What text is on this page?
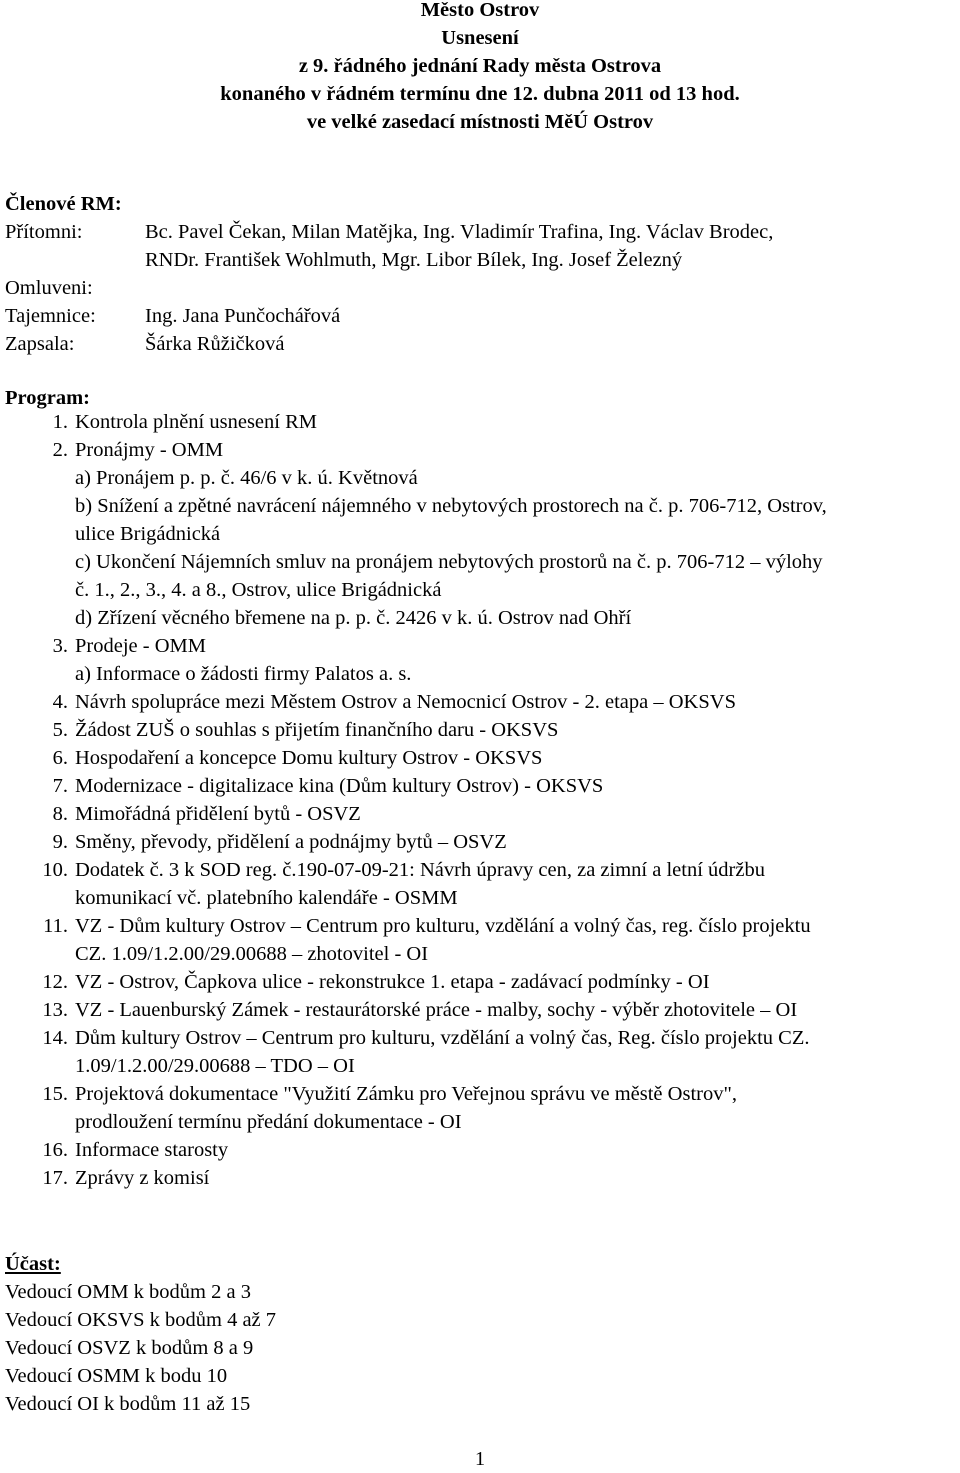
Město Ostrov
Usnesení
z 9. řádného jednání Rady města Ostrova
konaného v řádném termínu dne 12. dubna 2011 od 13 hod.
ve velké zasedací místnosti MěÚ Ostrov
Členové RM:
Přítomni:	Bc. Pavel Čekan, Milan Matějka, Ing. Vladimír Trafina, Ing. Václav Brodec,
RNDr. František Wohlmuth, Mgr. Libor Bílek, Ing. Josef Železný
Omluveni:
Tajemnice: Ing. Jana Punčochářová
Zapsala:	Šárka Růžičková
Program:
1. Kontrola plnění usnesení RM
2. Pronájmy - OMM
a) Pronájem p. p. č. 46/6 v k. ú. Květnová
b) Snížení a zpětné navrácení nájemného v nebytových prostorech na č. p. 706-712, Ostrov,
ulice Brigádnická
c) Ukončení Nájemních smluv na pronájem nebytových prostorů na č. p. 706-712 – výlohy
č. 1., 2., 3., 4. a 8., Ostrov, ulice Brigádnická
d) Zřízení věcného břemene na p. p. č. 2426 v k. ú. Ostrov nad Ohří
3. Prodeje - OMM
a) Informace o žádosti firmy Palatos a. s.
4. Návrh spolupráce mezi Městem Ostrov a Nemocnicí Ostrov - 2. etapa – OKSVS
5. Žádost ZUŠ o souhlas s přijetím finančního daru - OKSVS
6. Hospodaření a koncepce Domu kultury Ostrov - OKSVS
7. Modernizace - digitalizace kina (Dům kultury Ostrov) - OKSVS
8. Mimořádná přidělení bytů - OSVZ
9. Směny, převody, přidělení a podnájmy bytů – OSVZ
10. Dodatek č. 3 k SOD reg. č.190-07-09-21: Návrh úpravy cen, za zimní a letní údržbu
komunikací vč. platebního kalendáře - OSMM
11. VZ - Dům kultury Ostrov – Centrum pro kulturu, vzdělání a volný čas, reg. číslo projektu
CZ. 1.09/1.2.00/29.00688 – zhotovitel - OI
12. VZ - Ostrov, Čapkova ulice - rekonstrukce 1. etapa - zadávací podmínky - OI
13. VZ - Lauenburský Zámek - restaurátorské práce - malby, sochy - výběr zhotovitele – OI
14. Dům kultury Ostrov – Centrum pro kulturu, vzdělání a volný čas, Reg. číslo projektu CZ.
1.09/1.2.00/29.00688 – TDO – OI
15. Projektová dokumentace "Využití Zámku pro Veřejnou správu ve městě Ostrov",
prodloužení termínu předání dokumentace - OI
16. Informace starosty
17. Zprávy z komisí
Účast:
Vedoucí OMM k bodům 2 a 3
Vedoucí OKSVS k bodům 4 až 7
Vedoucí OSVZ k bodům 8 a 9
Vedoucí OSMM k bodu 10
Vedoucí OI k bodům 11 až 15
1
